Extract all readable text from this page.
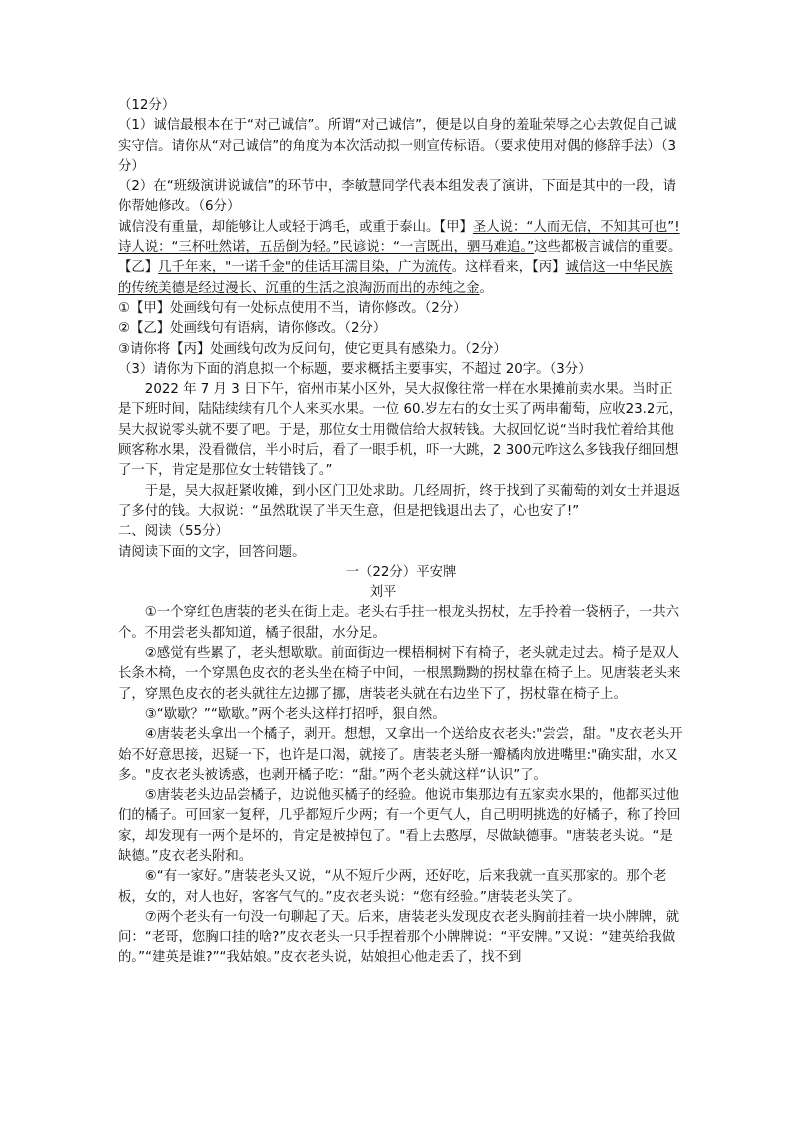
（12分）

（1）诚信最根本在于“对己诚信”。所谓“对己诚信”，便是以自身的羞耻荣辱之心去敦促自己诚实守信。请你从“对己诚信”的角度为本次活动拟一则宣传标语。（要求使用对偶的修辞手法）（3分）

（2）在“班级演讲说诚信”的环节中，李敏慧同学代表本组发表了演讲，下面是其中的一段，请你帮她修改。（6分）

诚信没有重量，却能够让人或轻于鸿毛，或重于泰山。【甲】圣人说：“人而无信，不知其可也”!诗人说：“三杯吐然诺，五岳倒为轻。”民谚说：“一言既出，驷马难追。”这些都极言诚信的重要。【乙】几千年来，"一诺千金"的佳话耳濡目染，广为流传。这样看来，【丙】诚信这一中华民族的传统美德是经过漫长、沉重的生活之浪淘沥而出的赤纯之金。

①【甲】处画线句有一处标点使用不当，请你修改。（2分）

②【乙】处画线句有语病，请你修改。（2分）

③请你将【丙】处画线句改为反问句，使它更具有感染力。（2分）

（3）请你为下面的消息拟一个标题，要求概括主要事实，不超过 20字。（3分）

2022 年 7 月 3 日下午，宿州市某小区外，吴大叔像往常一样在水果摊前卖水果。当时正是下班时间，陆陆续续有几个人来买水果。一位 60.岁左右的女士买了两串葡萄，应收23.2元，吴大叔说零头就不要了吧。于是，那位女士用微信给大叔转钱。大叔回忆说“当时我忙着给其他顾客称水果，没看微信，半小时后，看了一眼手机，吓一大跳，2 300元咋这么多钱我仔细回想了一下，肯定是那位女士转错钱了。”

于是，吴大叔赶紧收摊，到小区门卫处求助。几经周折，终于找到了买葡萄的刘女士并退返了多付的钱。大叔说：“虽然耽误了半天生意，但是把钱退出去了，心也安了!”

二、阅读（55分）

请阅读下面的文字，回答问题。

一（22分）平安牌

刘平

①一个穿红色唐装的老头在街上走。老头右手拄一根龙头拐杖，左手拎着一袋柄子，一共六个。不用尝老头都知道，橘子很甜，水分足。

②感觉有些累了，老头想歇歇。前面街边一棵梧桐树下有椅子，老头就走过去。椅子是双人长条木椅，一个穿黑色皮衣的老头坐在椅子中间，一根黑黝黝的拐杖靠在椅子上。见唐装老头来了，穿黑色皮衣的老头就往左边挪了挪，唐装老头就在右边坐下了，拐杖靠在椅子上。

③“歇歇？”“歇歇。”两个老头这样打招呼，狠自然。

④唐装老头拿出一个橘子，剥开。想想，又拿出一个送给皮衣老头:"尝尝，甜。"皮衣老头开始不好意思接，迟疑一下，也许是口渴，就接了。唐装老头掰一瓣橘肉放进嘴里:"确实甜，水又多。"皮衣老头被诱惑，也剥开橘子吃：“甜。”两个老头就这样“认识”了。

⑤唐装老头边品尝橘子，边说他买橘子的经验。他说市集那边有五家卖水果的，他都买过他们的橘子。可回家一复秤，几乎都短斤少两；有一个更气人，自己明明挑选的好橘子，称了拎回家，却发现有一两个是坏的，肯定是被掉包了。"看上去憨厚，尽做缺德事。"唐装老头说。“是缺德。”皮衣老头附和。

⑥“有一家好。”唐装老头又说，“从不短斤少两，还好吃，后来我就一直买那家的。那个老板，女的，对人也好，客客气气的。”皮衣老头说：“您有经验。”唐装老头笑了。

⑦两个老头有一句没一句聊起了天。后来，唐装老头发现皮衣老头胸前挂着一块小牌牌，就问：“老哥，您胸口挂的啥?”皮衣老头一只手捏着那个小牌牌说：“平安牌。”又说：“建英给我做的。”“建英是谁?”“我姑娘。”皮衣老头说，姑娘担心他走丢了，找不到
